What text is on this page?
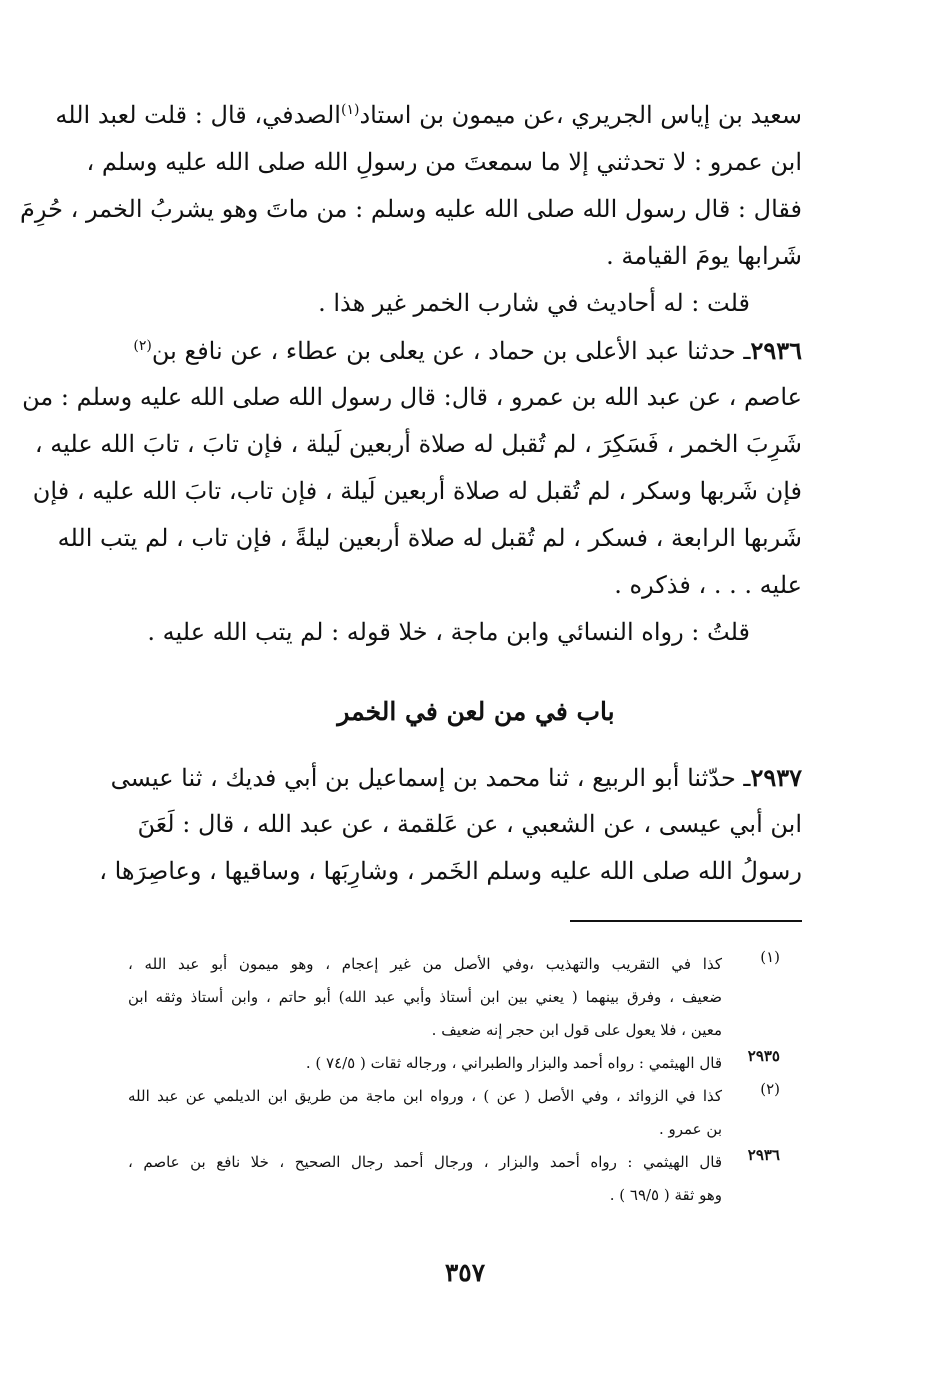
سعيد بن إياس الجريري ،عن ميمون بن استاد$^{(١)}$الصدفي، قال : قلت لعبد الله
ابن عمرو : لا تحدثني إلا ما سمعتَ من رسولِ الله صلى الله عليه وسلم ،
فقال : قال رسول الله صلى الله عليه وسلم : من ماتَ وهو يشربُ الخمر ، حُرِمَ
شَرابها يومَ القيامة .
قلت : له أحاديث في شارب الخمر غير هذا .
٢٩٣٦ـ حدثنا عبد الأعلى بن حماد ، عن يعلى بن عطاء ، عن نافع بن$^{(٢)}$
عاصم ، عن عبد الله بن عمرو ، قال: قال رسول الله صلى الله عليه وسلم : من
شَرِبَ الخمر ، فَسَكِرَ ، لم تُقبل له صلاة أربعين لَيلة ، فإن تابَ ، تابَ الله عليه ،
فإن شَربها وسكر ، لم تُقبل له صلاة أربعين لَيلة ، فإن تاب، تابَ الله عليه ، فإن
شَربها الرابعة ، فسكر ، لم تُقبل له صلاة أربعين ليلةً ، فإن تاب ، لم يتب الله
عليه . . . ، فذكره .
قلتُ : رواه النسائي وابن ماجة ، خلا قوله : لم يتب الله عليه .
باب في من لعن في الخمر
٢٩٣٧ـ حدّثنا أبو الربيع ، ثنا محمد بن إسماعيل بن أبي فديك ، ثنا عيسى
ابن أبي عيسى ، عن الشعبي ، عن عَلقمة ، عن عبد الله ، قال : لَعَنَ
رسولُ الله صلى الله عليه وسلم الخَمر ، وشارِبَها ، وساقيها ، وعاصِرَها ،
(١)
كذا في التقريب والتهذيب ،وفي الأصل من غير إعجام ، وهو ميمون أبو عبد الله ،
ضعيف ، وفرق بينهما ( يعني بين ابن أستاذ وأبي عبد الله) أبو حاتم ، وابن أستاذ وثقه ابن
معين ، فلا يعول على قول ابن حجر إنه ضعيف .
٢٩٣٥
قال الهيثمي : رواه أحمد والبزار والطبراني ، ورجاله ثقات ( ٧٤/٥ ) .
(٢)
كذا في الزوائد ، وفي الأصل ( عن ) ، ورواه ابن ماجة من طريق ابن الديلمي عن عبد الله
بن عمرو .
٢٩٣٦
قال الهيثمي : رواه أحمد والبزار ، ورجال أحمد رجال الصحيح ، خلا نافع بن عاصم ،
وهو ثقة ( ٦٩/٥ ) .
٣٥٧
